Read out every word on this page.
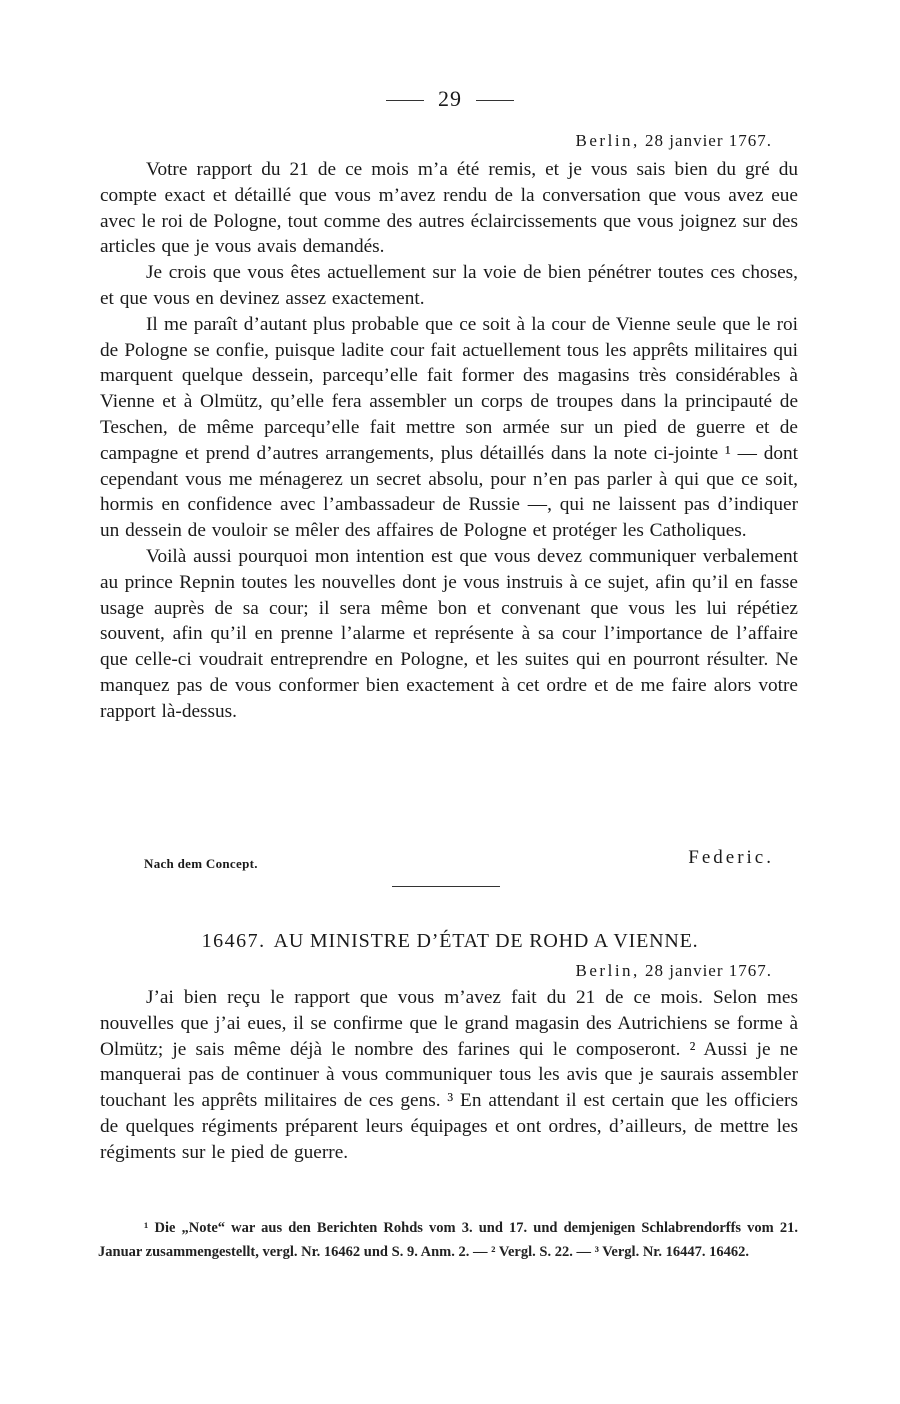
29
Berlin, 28 janvier 1767.

Votre rapport du 21 de ce mois m’a été remis, et je vous sais bien du gré du compte exact et détaillé que vous m’avez rendu de la conversation que vous avez eue avec le roi de Pologne, tout comme des autres éclaircissements que vous joignez sur des articles que je vous avais demandés.

Je crois que vous êtes actuellement sur la voie de bien pénétrer toutes ces choses, et que vous en devinez assez exactement.

Il me paraît d’autant plus probable que ce soit à la cour de Vienne seule que le roi de Pologne se confie, puisque ladite cour fait actuellement tous les apprêts militaires qui marquent quelque dessein, parcequ’elle fait former des magasins très considérables à Vienne et à Olmütz, qu’elle fera assembler un corps de troupes dans la principauté de Teschen, de même parcequ’elle fait mettre son armée sur un pied de guerre et de campagne et prend d’autres arrangements, plus détaillés dans la note ci-jointe ¹ — dont cependant vous me ménagerez un secret absolu, pour n’en pas parler à qui que ce soit, hormis en confidence avec l’ambassadeur de Russie —, qui ne laissent pas d’indiquer un dessein de vouloir se mêler des affaires de Pologne et protéger les Catholiques.

Voilà aussi pourquoi mon intention est que vous devez communiquer verbalement au prince Repnin toutes les nouvelles dont je vous instruis à ce sujet, afin qu’il en fasse usage auprès de sa cour; il sera même bon et convenant que vous les lui répétiez souvent, afin qu’il en prenne l’alarme et représente à sa cour l’importance de l’affaire que celle-ci voudrait entreprendre en Pologne, et les suites qui en pourront résulter. Ne manquez pas de vous conformer bien exactement à cet ordre et de me faire alors votre rapport là-dessus.

Nach dem Concept.	Federic.
16467. AU MINISTRE D’ÉTAT DE ROHD A VIENNE.
Berlin, 28 janvier 1767.

J’ai bien reçu le rapport que vous m’avez fait du 21 de ce mois. Selon mes nouvelles que j’ai eues, il se confirme que le grand magasin des Autrichiens se forme à Olmütz; je sais même déjà le nombre des farines qui le composeront. ² Aussi je ne manquerai pas de continuer à vous communiquer tous les avis que je saurais assembler touchant les apprêts militaires de ces gens. ³ En attendant il est certain que les officiers de quelques régiments préparent leurs équipages et ont ordres, d’ailleurs, de mettre les régiments sur le pied de guerre.

¹ Die „Note“ war aus den Berichten Rohds vom 3. und 17. und demjenigen Schlabrendorffs vom 21. Januar zusammengestellt, vergl. Nr. 16462 und S. 9. Anm. 2. — ² Vergl. S. 22. — ³ Vergl. Nr. 16447. 16462.
